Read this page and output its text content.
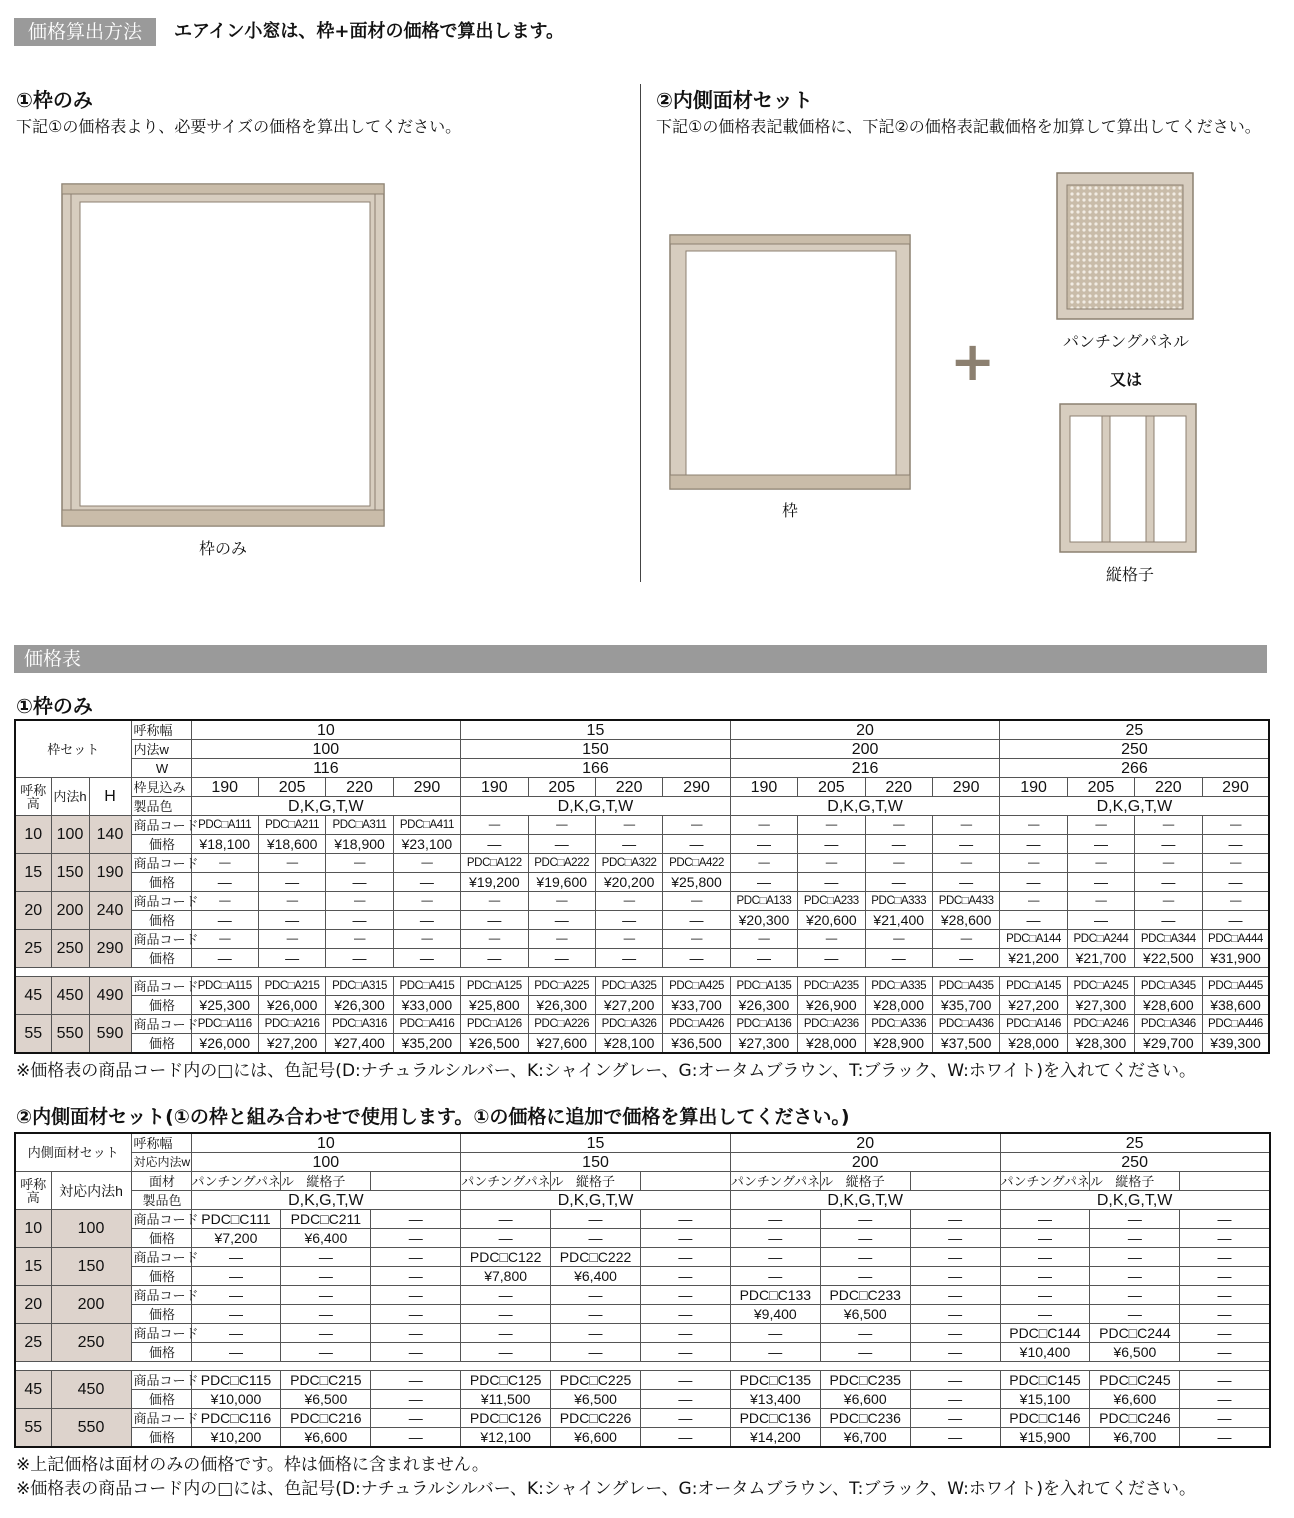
価格算出方法	エアイン小窓は、枠+面材の価格で算出します。
①枠のみ
下記①の価格表より、必要サイズの価格を算出してください。
枠のみ
②内側面材セット
下記①の価格表記載価格に、下記②の価格表記載価格を加算して算出してください。
枠
+	パンチングパネル
又は
縦格子
価格表
①枠のみ
枠セット			呼称幅	10				15				20				25			
			内法w	100				150				200				250			
			W	116				166				216				266			
呼称高	内法h	H	枠見込み	190	205	220	290	190	205	220	290	190	205	220	290	190	205	220	290
			製品色	D,K,G,T,W				D,K,G,T,W				D,K,G,T,W				D,K,G,T,W			
10	100	140	商品コード	PDC□A111	PDC□A211	PDC□A311	PDC□A411	—	—	—	—	—	—	—	—	—	—	—	—
			価格	¥18,100	¥18,600	¥18,900	¥23,100	—	—	—	—	—	—	—	—	—	—	—	—
15	150	190	商品コード	—	—	—	—	PDC□A122	PDC□A222	PDC□A322	PDC□A422	—	—	—	—	—	—	—	—
			価格	—	—	—	—	¥19,200	¥19,600	¥20,200	¥25,800	—	—	—	—	—	—	—	—
20	200	240	商品コード	—	—	—	—	—	—	—	—	PDC□A133	PDC□A233	PDC□A333	PDC□A433	—	—	—	—
			価格	—	—	—	—	—	—	—	—	¥20,300	¥20,600	¥21,400	¥28,600	—	—	—	—
25	250	290	商品コード	—	—	—	—	—	—	—	—	—	—	—	—	PDC□A144	PDC□A244	PDC□A344	PDC□A444
			価格	—	—	—	—	—	—	—	—	—	—	—	—	¥21,200	¥21,700	¥22,500	¥31,900

45	450	490	商品コード	PDC□A115	PDC□A215	PDC□A315	PDC□A415	PDC□A125	PDC□A225	PDC□A325	PDC□A425	PDC□A135	PDC□A235	PDC□A335	PDC□A435	PDC□A145	PDC□A245	PDC□A345	PDC□A445
			価格	¥25,300	¥26,000	¥26,300	¥33,000	¥25,800	¥26,300	¥27,200	¥33,700	¥26,300	¥26,900	¥28,000	¥35,700	¥27,200	¥27,300	¥28,600	¥38,600
55	550	590	商品コード	PDC□A116	PDC□A216	PDC□A316	PDC□A416	PDC□A126	PDC□A226	PDC□A326	PDC□A426	PDC□A136	PDC□A236	PDC□A336	PDC□A436	PDC□A146	PDC□A246	PDC□A346	PDC□A446
			価格	¥26,000	¥27,200	¥27,400	¥35,200	¥26,500	¥27,600	¥28,100	¥36,500	¥27,300	¥28,000	¥28,900	¥37,500	¥28,000	¥28,300	¥29,700	¥39,300
※価格表の商品コード内の□には、色記号(D:ナチュラルシルバー、K:シャイングレー、G:オータムブラウン、T:ブラック、W:ホワイト)を入れてください。
②内側面材セット(①の枠と組み合わせで使用します。①の価格に追加で価格を算出してください。)
内側面材セット		呼称幅	10			15			20			25		
		対応内法w	100			150			200			250		
呼称高	対応内法h	面材	パンチングパネル	縦格子		パンチングパネル	縦格子		パンチングパネル	縦格子		パンチングパネル	縦格子	
		製品色	D,K,G,T,W			D,K,G,T,W			D,K,G,T,W			D,K,G,T,W		
10	100	商品コード	PDC□C111	PDC□C211	—	—	—	—	—	—	—	—	—	—
		価格	¥7,200	¥6,400	—	—	—	—	—	—	—	—	—	—
15	150	商品コード	—	—	—	PDC□C122	PDC□C222	—	—	—	—	—	—	—
		価格	—	—	—	¥7,800	¥6,400	—	—	—	—	—	—	—
20	200	商品コード	—	—	—	—	—	—	PDC□C133	PDC□C233	—	—	—	—
		価格	—	—	—	—	—	—	¥9,400	¥6,500	—	—	—	—
25	250	商品コード	—	—	—	—	—	—	—	—	—	PDC□C144	PDC□C244	—
		価格	—	—	—	—	—	—	—	—	—	¥10,400	¥6,500	—

45	450	商品コード	PDC□C115	PDC□C215	—	PDC□C125	PDC□C225	—	PDC□C135	PDC□C235	—	PDC□C145	PDC□C245	—
		価格	¥10,000	¥6,500	—	¥11,500	¥6,500	—	¥13,400	¥6,600	—	¥15,100	¥6,600	—
55	550	商品コード	PDC□C116	PDC□C216	—	PDC□C126	PDC□C226	—	PDC□C136	PDC□C236	—	PDC□C146	PDC□C246	—
		価格	¥10,200	¥6,600	—	¥12,100	¥6,600	—	¥14,200	¥6,700	—	¥15,900	¥6,700	—
※上記価格は面材のみの価格です。枠は価格に含まれません。
※価格表の商品コード内の□には、色記号(D:ナチュラルシルバー、K:シャイングレー、G:オータムブラウン、T:ブラック、W:ホワイト)を入れてください。
